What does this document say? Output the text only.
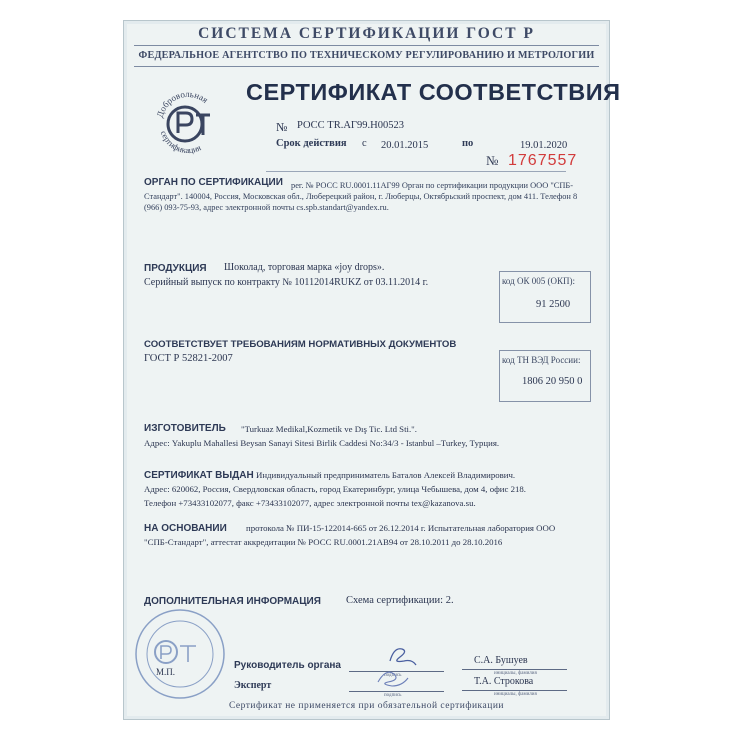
СИСТЕМА СЕРТИФИКАЦИИ ГОСТ Р
ФЕДЕРАЛЬНОЕ АГЕНТСТВО ПО ТЕХНИЧЕСКОМУ РЕГУЛИРОВАНИЮ И МЕТРОЛОГИИ
Добровольная
сертификация
СЕРТИФИКАТ СООТВЕТСТВИЯ
№ РОСС TR.АГ99.Н00523
Срок действия с 20.01.2015	по	19.01.2020
№ 1767557
ОРГАН ПО СЕРТИФИКАЦИИ рег. № РОСС RU.0001.11АГ99 Орган по сертификации продукции ООО "СПБ-Стандарт". 140004, Россия, Московская обл., Люберецкий район, г. Люберцы, Октябрьский проспект, дом 411. Телефон 8 (966) 093-75-93, адрес электронной почты cs.spb.standart@yandex.ru.
ПРОДУКЦИЯ Шоколад, торговая марка «joy drops».
Серийный выпуск по контракту № 10112014RUKZ от 03.11.2014 г.	код ОК 005 (ОКП):
91 2500
СООТВЕТСТВУЕТ ТРЕБОВАНИЯМ НОРМАТИВНЫХ ДОКУМЕНТОВ
ГОСТ Р 52821-2007	код ТН ВЭД России:
1806 20 950 0
ИЗГОТОВИТЕЛЬ "Turkuaz Medikal,Kozmetik ve Dış Tic. Ltd Sti.".
Адрес: Yakuplu Mahallesi Beysan Sanayi Sitesi Birlik Caddesi No:34/3 - Istanbul –Turkey, Турция.
СЕРТИФИКАТ ВЫДАН Индивидуальный предприниматель Баталов Алексей Владимирович.
Адрес: 620062, Россия, Свердловская область, город Екатеринбург, улица Чебышева, дом 4, офис 218.
Телефон +73433102077, факс +73433102077, адрес электронной почты tex@kazanova.su.
НА ОСНОВАНИИ протокола № ПИ-15-122014-665 от 26.12.2014 г. Испытательная лаборатория ООО
"СПБ-Стандарт", аттестат аккредитации № РОСС RU.0001.21АВ94 от 28.10.2011 до 28.10.2016
ДОПОЛНИТЕЛЬНАЯ ИНФОРМАЦИЯ Схема сертификации: 2.
М.П.
Руководитель органа
подпись
С.А. Бушуев
инициалы, фамилия
Эксперт
подпись
Т.А. Строкова
инициалы, фамилия
Сертификат не применяется при обязательной сертификации
